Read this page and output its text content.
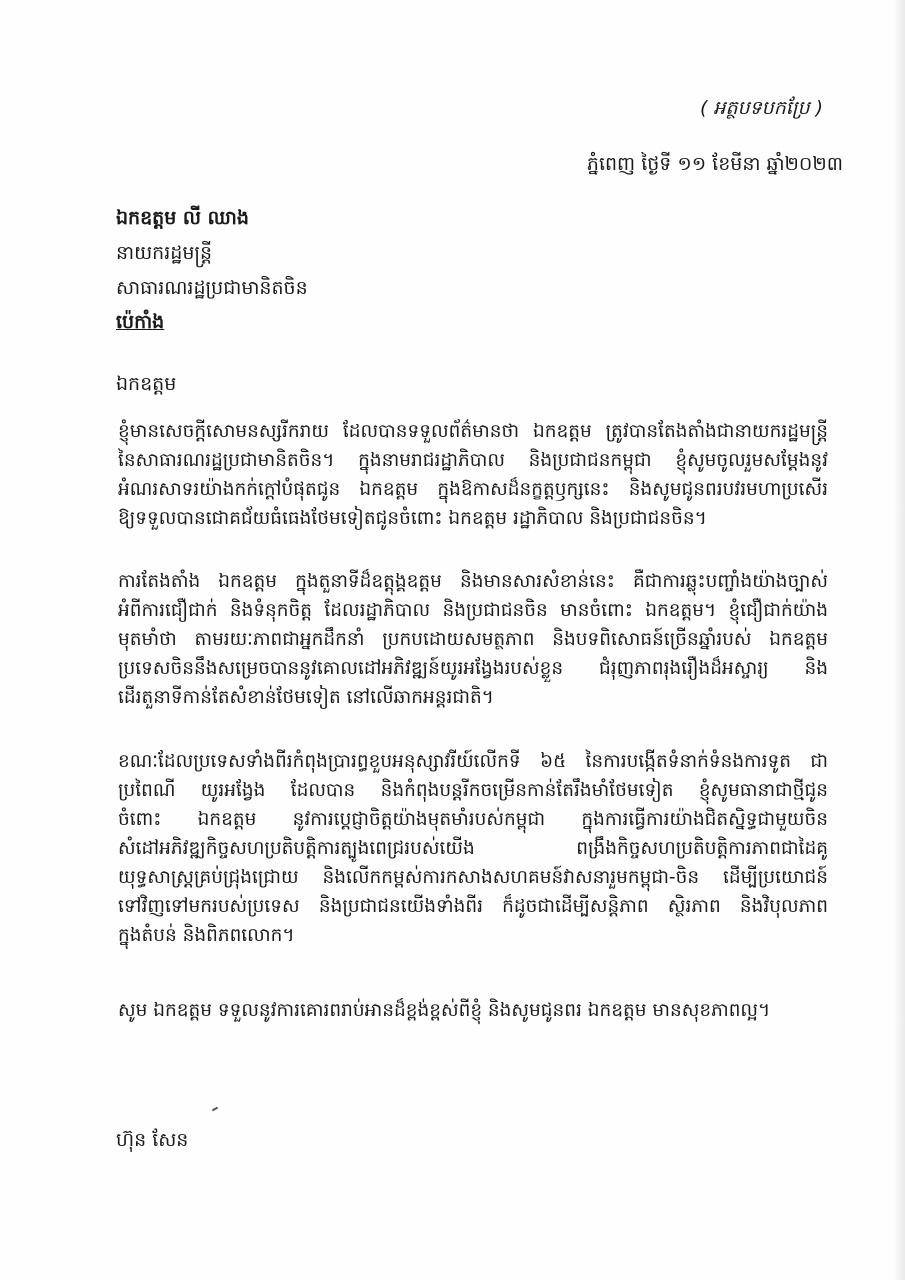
( អត្ថបទបកប្រែ )
ភ្នំពេញ ថ្ងៃទី ១១ ខែមីនា ឆ្នាំ២០២៣
ឯកឧត្តម លី ឈាង
នាយករដ្ឋមន្ត្រី
សាធារណរដ្ឋប្រជាមានិតចិន
ប៉េកាំង
ឯកឧត្តម
ខ្ញុំមានសេចក្តីសោមនស្សរីករាយ ដែលបានទទួលព័ត៌មានថា ឯកឧត្តម ត្រូវបានតែងតាំងជានាយករដ្ឋមន្ត្រី
នៃសាធារណរដ្ឋប្រជាមានិតចិន។ ក្នុងនាមរាជរដ្ឋាភិបាល និងប្រជាជនកម្ពុជា ខ្ញុំសូមចូលរួមសម្តែងនូវ
អំណរសាទរយ៉ាងកក់ក្តៅបំផុតជូន ឯកឧត្តម ក្នុងឱកាសដ៏នក្ខត្តឫក្សនេះ និងសូមជូនពរបវរមហាប្រសើរ
ឱ្យទទួលបានជោគជ័យធំធេងថែមទៀតជូនចំពោះ ឯកឧត្តម រដ្ឋាភិបាល និងប្រជាជនចិន។
ការតែងតាំង ឯកឧត្តម ក្នុងតួនាទីដ៏ឧត្តុង្គឧត្តម និងមានសារសំខាន់នេះ គឺជាការឆ្លុះបញ្ចាំងយ៉ាងច្បាស់
អំពីការជឿជាក់ និងទំនុកចិត្ត ដែលរដ្ឋាភិបាល និងប្រជាជនចិន មានចំពោះ ឯកឧត្តម។ ខ្ញុំជឿជាក់យ៉ាង
មុតមាំថា តាមរយៈភាពជាអ្នកដឹកនាំ ប្រកបដោយសមត្ថភាព និងបទពិសោធន៍ច្រើនឆ្នាំរបស់ ឯកឧត្តម
ប្រទេសចិននឹងសម្រេចបាននូវគោលដៅអភិវឌ្ឍន៍យូរអង្វែងរបស់ខ្លួន ជំរុញភាពរុងរឿងដ៏អស្ចារ្យ និង
ដើរតួនាទីកាន់តែសំខាន់ថែមទៀត នៅលើឆាកអន្តរជាតិ។
ខណៈដែលប្រទេសទាំងពីរកំពុងប្រារព្ធខួបអនុស្សាវរីយ៍លើកទី ៦៥ នៃការបង្កើតទំនាក់ទំនងការទូត ជា
ប្រពៃណី យូរអង្វែង ដែលបាន និងកំពុងបន្តរីកចម្រើនកាន់តែរឹងមាំថែមទៀត ខ្ញុំសូមធានាជាថ្មីជូន
ចំពោះ ឯកឧត្តម នូវការប្តេជ្ញាចិត្តយ៉ាងមុតមាំរបស់កម្ពុជា ក្នុងការធ្វើការយ៉ាងជិតស្និទ្ធជាមួយចិន
សំដៅអភិវឌ្ឍកិច្ចសហប្រតិបត្តិការត្បូងពេជ្ររបស់យើង ពង្រឹងកិច្ចសហប្រតិបត្តិការភាពជាដៃគូ
យុទ្ធសាស្ត្រគ្រប់ជ្រុងជ្រោយ និងលើកកម្ពស់ការកសាងសហគមន៍វាសនារួមកម្ពុជា-ចិន ដើម្បីប្រយោជន៍
ទៅវិញទៅមករបស់ប្រទេស និងប្រជាជនយើងទាំងពីរ ក៏ដូចជាដើម្បីសន្តិភាព ស្ថិរភាព និងវិបុលភាព
ក្នុងតំបន់ និងពិភពលោក។
សូម ឯកឧត្តម ទទួលនូវការគោរពរាប់អានដ៏ខ្ពង់ខ្ពស់ពីខ្ញុំ និងសូមជូនពរ ឯកឧត្តម មានសុខភាពល្អ។
ហ៊ុន សែន
